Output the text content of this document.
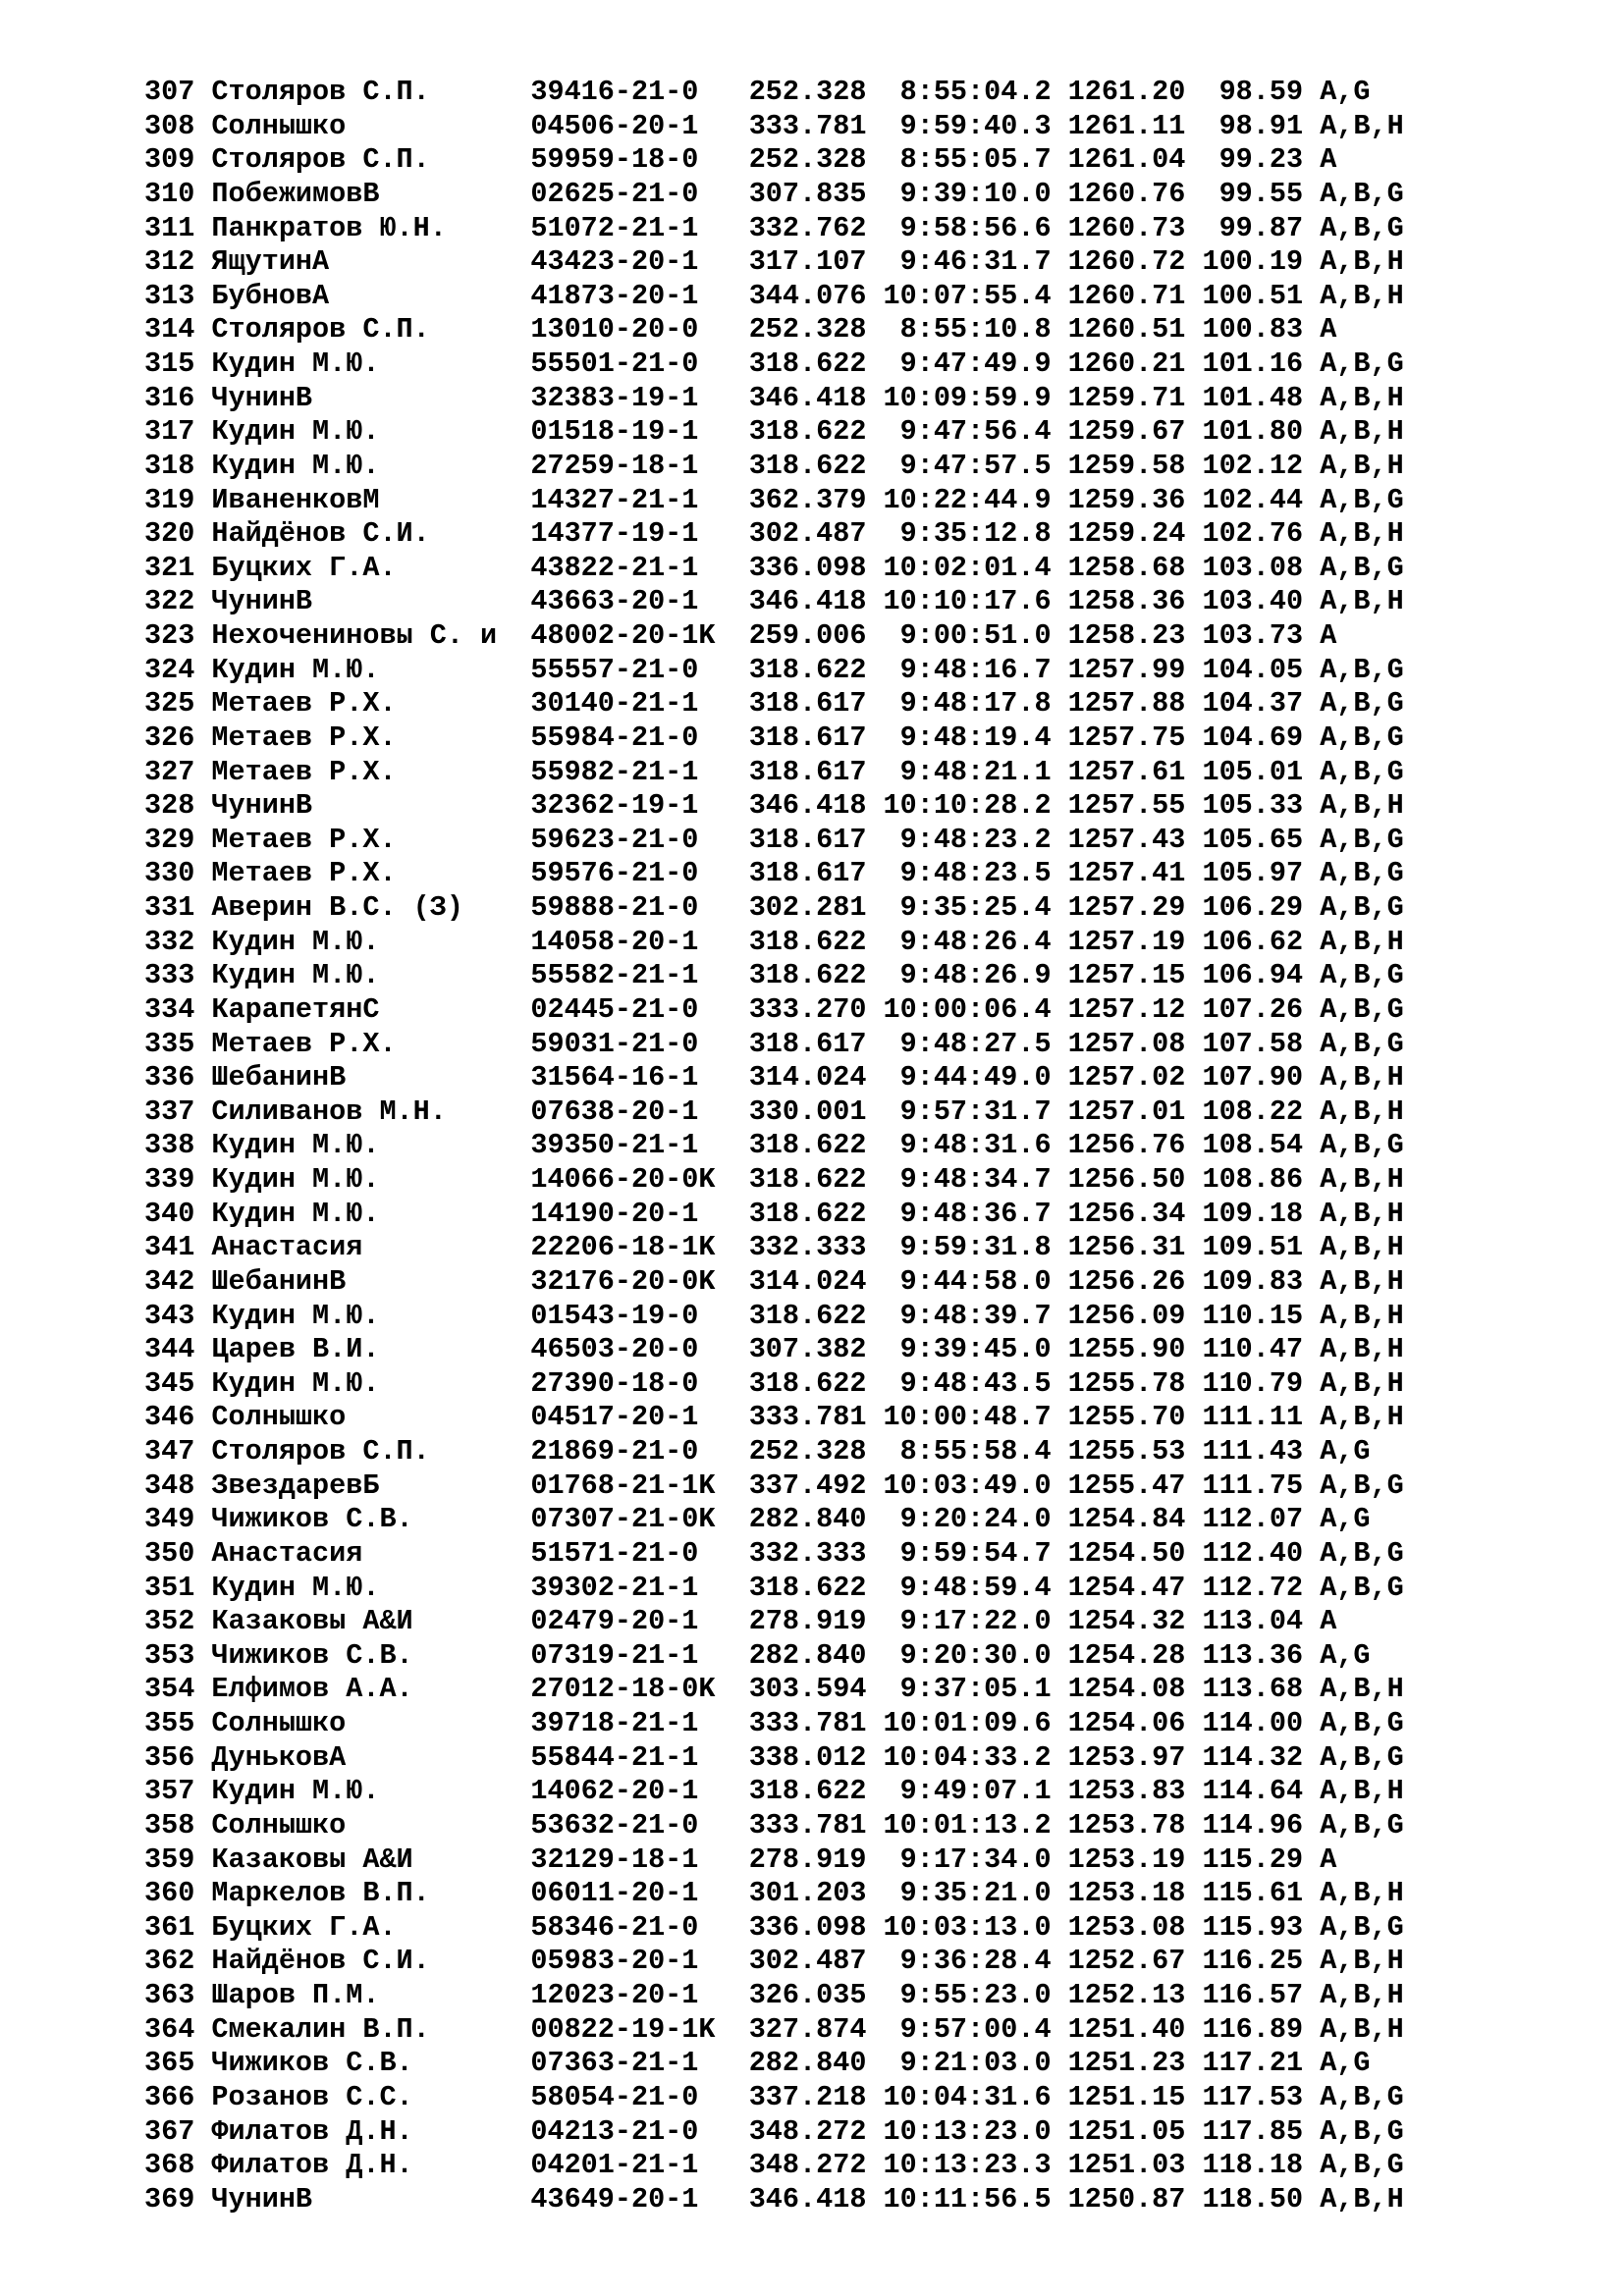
307 Столяров С.П.      39416-21-0   252.328  8:55:04.2 1261.20  98.59 A,G
308 Солнышко           04506-20-1   333.781  9:59:40.3 1261.11  98.91 A,B,H
309 Столяров С.П.      59959-18-0   252.328  8:55:05.7 1261.04  99.23 A
310 ПобежимовВ         02625-21-0   307.835  9:39:10.0 1260.76  99.55 A,B,G
311 Панкратов Ю.Н.     51072-21-1   332.762  9:58:56.6 1260.73  99.87 A,B,G
312 ЯщутинА            43423-20-1   317.107  9:46:31.7 1260.72 100.19 A,B,H
313 БубновА            41873-20-1   344.076 10:07:55.4 1260.71 100.51 A,B,H
314 Столяров С.П.      13010-20-0   252.328  8:55:10.8 1260.51 100.83 A
315 Кудин М.Ю.         55501-21-0   318.622  9:47:49.9 1260.21 101.16 A,B,G
316 ЧунинВ             32383-19-1   346.418 10:09:59.9 1259.71 101.48 A,B,H
317 Кудин М.Ю.         01518-19-1   318.622  9:47:56.4 1259.67 101.80 A,B,H
318 Кудин М.Ю.         27259-18-1   318.622  9:47:57.5 1259.58 102.12 A,B,H
319 ИваненковМ         14327-21-1   362.379 10:22:44.9 1259.36 102.44 A,B,G
320 Найдёнов С.И.      14377-19-1   302.487  9:35:12.8 1259.24 102.76 A,B,H
321 Буцких Г.А.        43822-21-1   336.098 10:02:01.4 1258.68 103.08 A,B,G
322 ЧунинВ             43663-20-1   346.418 10:10:17.6 1258.36 103.40 A,B,H
323 Нехочениновы С. и  48002-20-1K  259.006  9:00:51.0 1258.23 103.73 A
324 Кудин М.Ю.         55557-21-0   318.622  9:48:16.7 1257.99 104.05 A,B,G
325 Метаев Р.Х.        30140-21-1   318.617  9:48:17.8 1257.88 104.37 A,B,G
326 Метаев Р.Х.        55984-21-0   318.617  9:48:19.4 1257.75 104.69 A,B,G
327 Метаев Р.Х.        55982-21-1   318.617  9:48:21.1 1257.61 105.01 A,B,G
328 ЧунинВ             32362-19-1   346.418 10:10:28.2 1257.55 105.33 A,B,H
329 Метаев Р.Х.        59623-21-0   318.617  9:48:23.2 1257.43 105.65 A,B,G
330 Метаев Р.Х.        59576-21-0   318.617  9:48:23.5 1257.41 105.97 A,B,G
331 Аверин В.С. (З)    59888-21-0   302.281  9:35:25.4 1257.29 106.29 A,B,G
332 Кудин М.Ю.         14058-20-1   318.622  9:48:26.4 1257.19 106.62 A,B,H
333 Кудин М.Ю.         55582-21-1   318.622  9:48:26.9 1257.15 106.94 A,B,G
334 КарапетянС         02445-21-0   333.270 10:00:06.4 1257.12 107.26 A,B,G
335 Метаев Р.Х.        59031-21-0   318.617  9:48:27.5 1257.08 107.58 A,B,G
336 ШебанинВ           31564-16-1   314.024  9:44:49.0 1257.02 107.90 A,B,H
337 Силиванов М.Н.     07638-20-1   330.001  9:57:31.7 1257.01 108.22 A,B,H
338 Кудин М.Ю.         39350-21-1   318.622  9:48:31.6 1256.76 108.54 A,B,G
339 Кудин М.Ю.         14066-20-0K  318.622  9:48:34.7 1256.50 108.86 A,B,H
340 Кудин М.Ю.         14190-20-1   318.622  9:48:36.7 1256.34 109.18 A,B,H
341 Анастасия          22206-18-1K  332.333  9:59:31.8 1256.31 109.51 A,B,H
342 ШебанинВ           32176-20-0K  314.024  9:44:58.0 1256.26 109.83 A,B,H
343 Кудин М.Ю.         01543-19-0   318.622  9:48:39.7 1256.09 110.15 A,B,H
344 Царев В.И.         46503-20-0   307.382  9:39:45.0 1255.90 110.47 A,B,H
345 Кудин М.Ю.         27390-18-0   318.622  9:48:43.5 1255.78 110.79 A,B,H
346 Солнышко           04517-20-1   333.781 10:00:48.7 1255.70 111.11 A,B,H
347 Столяров С.П.      21869-21-0   252.328  8:55:58.4 1255.53 111.43 A,G
348 ЗвездаревБ         01768-21-1K  337.492 10:03:49.0 1255.47 111.75 A,B,G
349 Чижиков С.В.       07307-21-0K  282.840  9:20:24.0 1254.84 112.07 A,G
350 Анастасия          51571-21-0   332.333  9:59:54.7 1254.50 112.40 A,B,G
351 Кудин М.Ю.         39302-21-1   318.622  9:48:59.4 1254.47 112.72 A,B,G
352 Казаковы А&И       02479-20-1   278.919  9:17:22.0 1254.32 113.04 A
353 Чижиков С.В.       07319-21-1   282.840  9:20:30.0 1254.28 113.36 A,G
354 Елфимов А.А.       27012-18-0K  303.594  9:37:05.1 1254.08 113.68 A,B,H
355 Солнышко           39718-21-1   333.781 10:01:09.6 1254.06 114.00 A,B,G
356 ДуньковА           55844-21-1   338.012 10:04:33.2 1253.97 114.32 A,B,G
357 Кудин М.Ю.         14062-20-1   318.622  9:49:07.1 1253.83 114.64 A,B,H
358 Солнышко           53632-21-0   333.781 10:01:13.2 1253.78 114.96 A,B,G
359 Казаковы А&И       32129-18-1   278.919  9:17:34.0 1253.19 115.29 A
360 Маркелов В.П.      06011-20-1   301.203  9:35:21.0 1253.18 115.61 A,B,H
361 Буцких Г.А.        58346-21-0   336.098 10:03:13.0 1253.08 115.93 A,B,G
362 Найдёнов С.И.      05983-20-1   302.487  9:36:28.4 1252.67 116.25 A,B,H
363 Шаров П.М.         12023-20-1   326.035  9:55:23.0 1252.13 116.57 A,B,H
364 Смекалин В.П.      00822-19-1K  327.874  9:57:00.4 1251.40 116.89 A,B,H
365 Чижиков С.В.       07363-21-1   282.840  9:21:03.0 1251.23 117.21 A,G
366 Розанов С.С.       58054-21-0   337.218 10:04:31.6 1251.15 117.53 A,B,G
367 Филатов Д.Н.       04213-21-0   348.272 10:13:23.0 1251.05 117.85 A,B,G
368 Филатов Д.Н.       04201-21-1   348.272 10:13:23.3 1251.03 118.18 A,B,G
369 ЧунинВ             43649-20-1   346.418 10:11:56.5 1250.87 118.50 A,B,H
